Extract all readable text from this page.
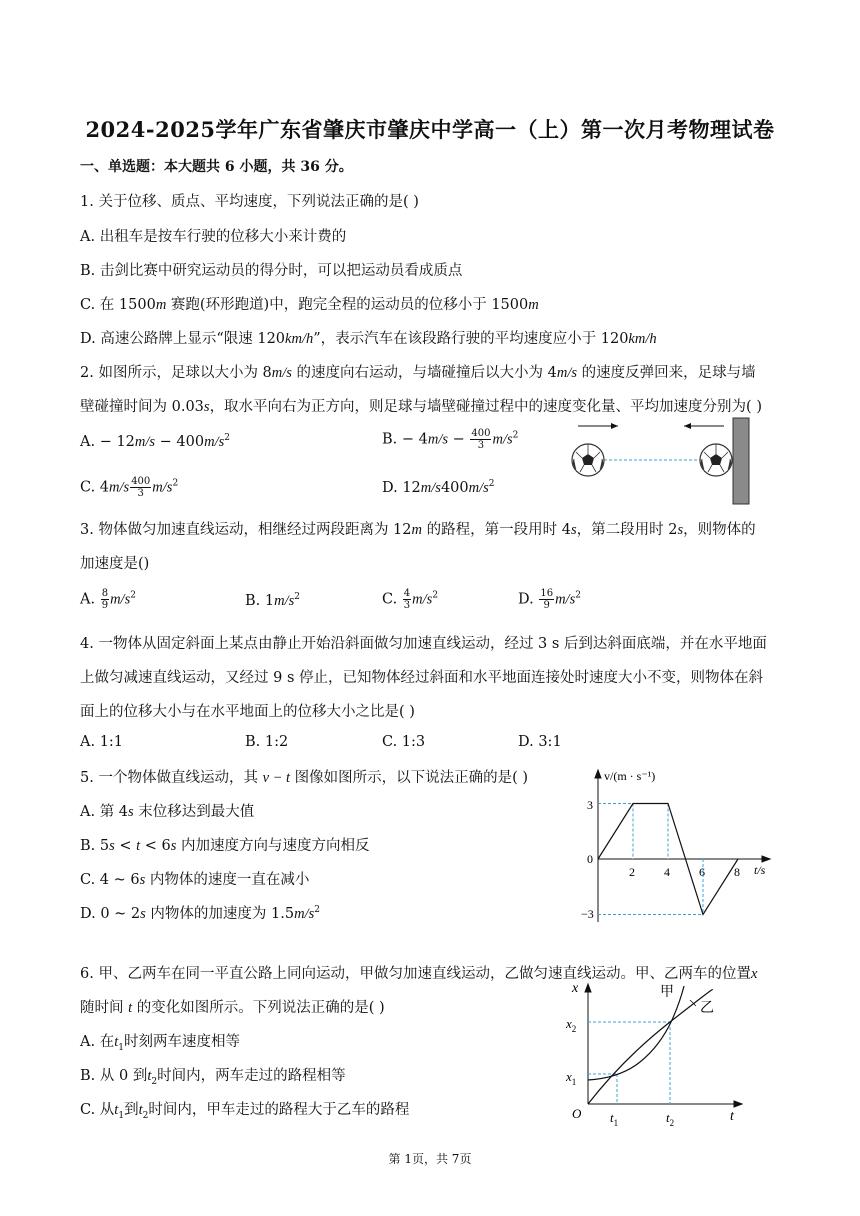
2024-2025学年广东省肇庆市肇庆中学高一（上）第一次月考物理试卷
一、单选题：本大题共 6 小题，共 36 分。
1. 关于位移、质点、平均速度，下列说法正确的是( )
A. 出租车是按车行驶的位移大小来计费的
B. 击剑比赛中研究运动员的得分时，可以把运动员看成质点
C. 在 1500m 赛跑(环形跑道)中，跑完全程的运动员的位移小于 1500m
D. 高速公路牌上显示“限速 120km/h”，表示汽车在该段路行驶的平均速度应小于 120km/h
2. 如图所示，足球以大小为 8m/s 的速度向右运动，与墙碰撞后以大小为 4m/s 的速度反弹回来，足球与墙
壁碰撞时间为 0.03s，取水平向右为正方向，则足球与墙壁碰撞过程中的速度变化量、平均加速度分别为( )
A. − $12m/s - 400m/s^2$	B. − $4m/s - \frac{400}{3} m/s^2$
C. $4m/s \frac{400}{3} m/s^2$	D. $12m/s400m/s^2$
3. 物体做匀加速直线运动，相继经过两段距离为 12m 的路程，第一段用时 4s，第二段用时 2s，则物体的
加速度是()
A. $\frac{8}{9} m/s^2$	B. $1m/s^2$	C. $\frac{4}{3} m/s^2$	D. $\frac{16}{9} m/s^2$
4. 一物体从固定斜面上某点由静止开始沿斜面做匀加速直线运动，经过 3 s 后到达斜面底端，并在水平地面
上做匀减速直线运动，又经过 9 s 停止，已知物体经过斜面和水平地面连接处时速度大小不变，则物体在斜
面上的位移大小与在水平地面上的位移大小之比是( )
A. 1:1	B. 1:2	C. 1:3	D. 3:1
5. 一个物体做直线运动，其 v − t 图像如图所示，以下说法正确的是( )
A. 第 4s 末位移达到最大值
B. 5s < t < 6s 内加速度方向与速度方向相反
C. 4 ~ 6s 内物体的速度一直在减小
D. 0 ~ 2s 内物体的加速度为 $1.5m/s^2$
v/(m · s⁻¹)
t/s
0
3
−3
2 4 6 8
6. 甲、乙两车在同一平直公路上同向运动，甲做匀加速直线运动，乙做匀速直线运动。甲、乙两车的位置x
随时间 t 的变化如图所示。下列说法正确的是( )
A. 在$t_1$时刻两车速度相等
B. 从 0 到$t_2$时间内，两车走过的路程相等
C. 从$t_1$到$t_2$时间内，甲车走过的路程大于乙车的路程
x
t
O
$x_2$
$x_1$
$t_1$	$t_2$
甲
乙
第 1页，共 7页
